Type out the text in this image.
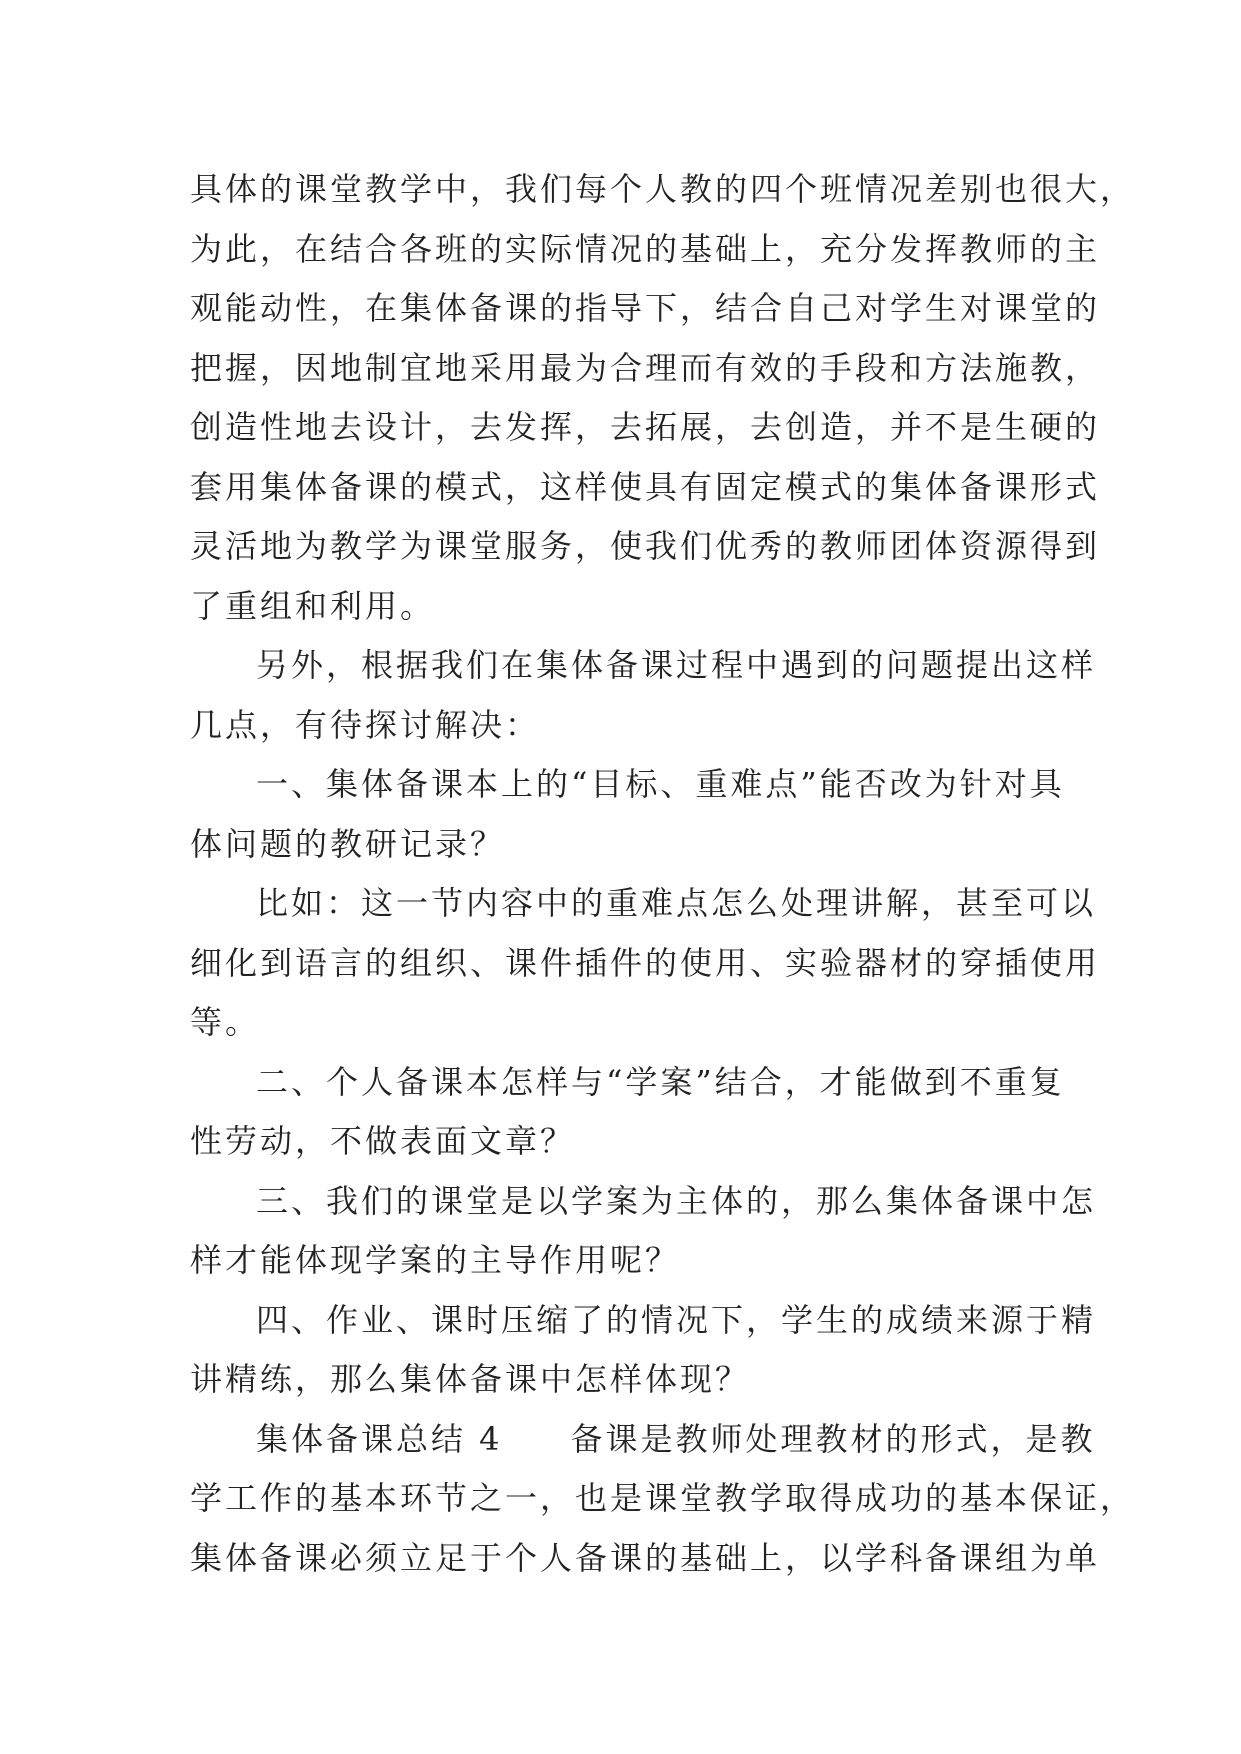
具体的课堂教学中，我们每个人教的四个班情况差别也很大，
为此，在结合各班的实际情况的基础上，充分发挥教师的主
观能动性，在集体备课的指导下，结合自己对学生对课堂的
把握，因地制宜地采用最为合理而有效的手段和方法施教，
创造性地去设计，去发挥，去拓展，去创造，并不是生硬的
套用集体备课的模式，这样使具有固定模式的集体备课形式
灵活地为教学为课堂服务，使我们优秀的教师团体资源得到
了重组和利用。
另外，根据我们在集体备课过程中遇到的问题提出这样
几点，有待探讨解决：
一、集体备课本上的“目标、重难点”能否改为针对具
体问题的教研记录？
比如：这一节内容中的重难点怎么处理讲解，甚至可以
细化到语言的组织、课件插件的使用、实验器材的穿插使用
等。
二、个人备课本怎样与“学案”结合，才能做到不重复
性劳动，不做表面文章？
三、我们的课堂是以学案为主体的，那么集体备课中怎
样才能体现学案的主导作用呢？
四、作业、课时压缩了的情况下，学生的成绩来源于精
讲精练，那么集体备课中怎样体现？
集体备课总结 4 备课是教师处理教材的形式，是教
学工作的基本环节之一，也是课堂教学取得成功的基本保证，
集体备课必须立足于个人备课的基础上，以学科备课组为单
